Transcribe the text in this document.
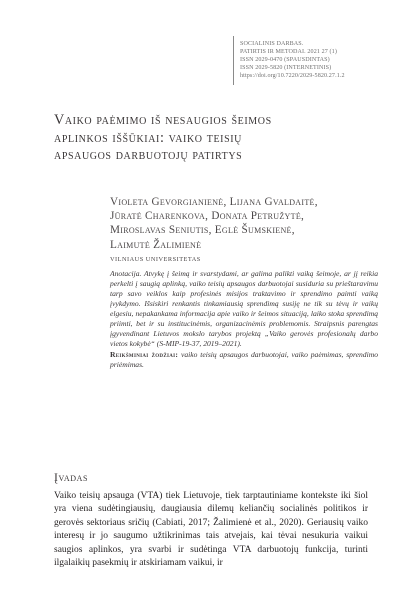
SOCIALINIS DARBAS.
PATIRTIS IR METODAI. 2021 27 (1)
ISSN 2029-0470 (SPAUSDINTAS)
ISSN 2029-5820 (INTERNETINIS)
https://doi.org/10.7220/2029-5820.27.1.2
Vaiko paėmimo iš nesaugios šeimos
aplinkos iššūkiai: vaiko teisių
apsaugos darbuotojų patirtys
Violeta Gevorgianienė, Lijana Gvaldaitė,
Jūratė Charenkova, Donata Petružytė,
Miroslavas Seniutis, Eglė Šumskienė,
Laimutė Žalimienė
VILNIAUS UNIVERSITETAS

Anotacija. Atvykę į šeimą ir svarstydami, ar galima palikti vaiką šeimoje, ar jį reikia perkelti į saugią aplinką, vaiko teisių apsaugos darbuotojai susiduria su prieštaravimu tarp savo veiklos kaip profesinės misijos traktavimo ir sprendimo paimti vaiką įvykdymo. Išsiskiri renkantis tinkamiausią sprendimą susiję ne tik su tėvų ir vaikų elgesiu, nepakankama informacija apie vaiko ir šeimos situaciją, laiko stoka sprendimą priimti, bet ir su institucinėmis, organizacinėmis problemomis. Straipsnis parengtas įgyvendinant Lietuvos mokslo tarybos projektą „Vaiko gerovės profesionalų darbo vietos kokybė“ (S-MIP-19-37, 2019–2021).

Reikšminiai žodžiai: vaiko teisių apsaugos darbuotojai, vaiko paėmimas, sprendimo priėmimas.

Įvadas

Vaiko teisių apsauga (VTA) tiek Lietuvoje, tiek tarptautiniame kontekste iki šiol yra viena sudėtingiausių, daugiausia dilemų keliančių socialinės politikos ir gerovės sektoriaus sričių (Cabiati, 2017; Žalimienė et al., 2020). Geriausių vaiko interesų ir jo saugumo užtikrinimas tais atvejais, kai tėvai nesukuria vaikui saugios aplinkos, yra svarbi ir sudėtinga VTA darbuotojų funkcija, turinti ilgalaikių pasekmių ir atskiriamam vaikui, ir
